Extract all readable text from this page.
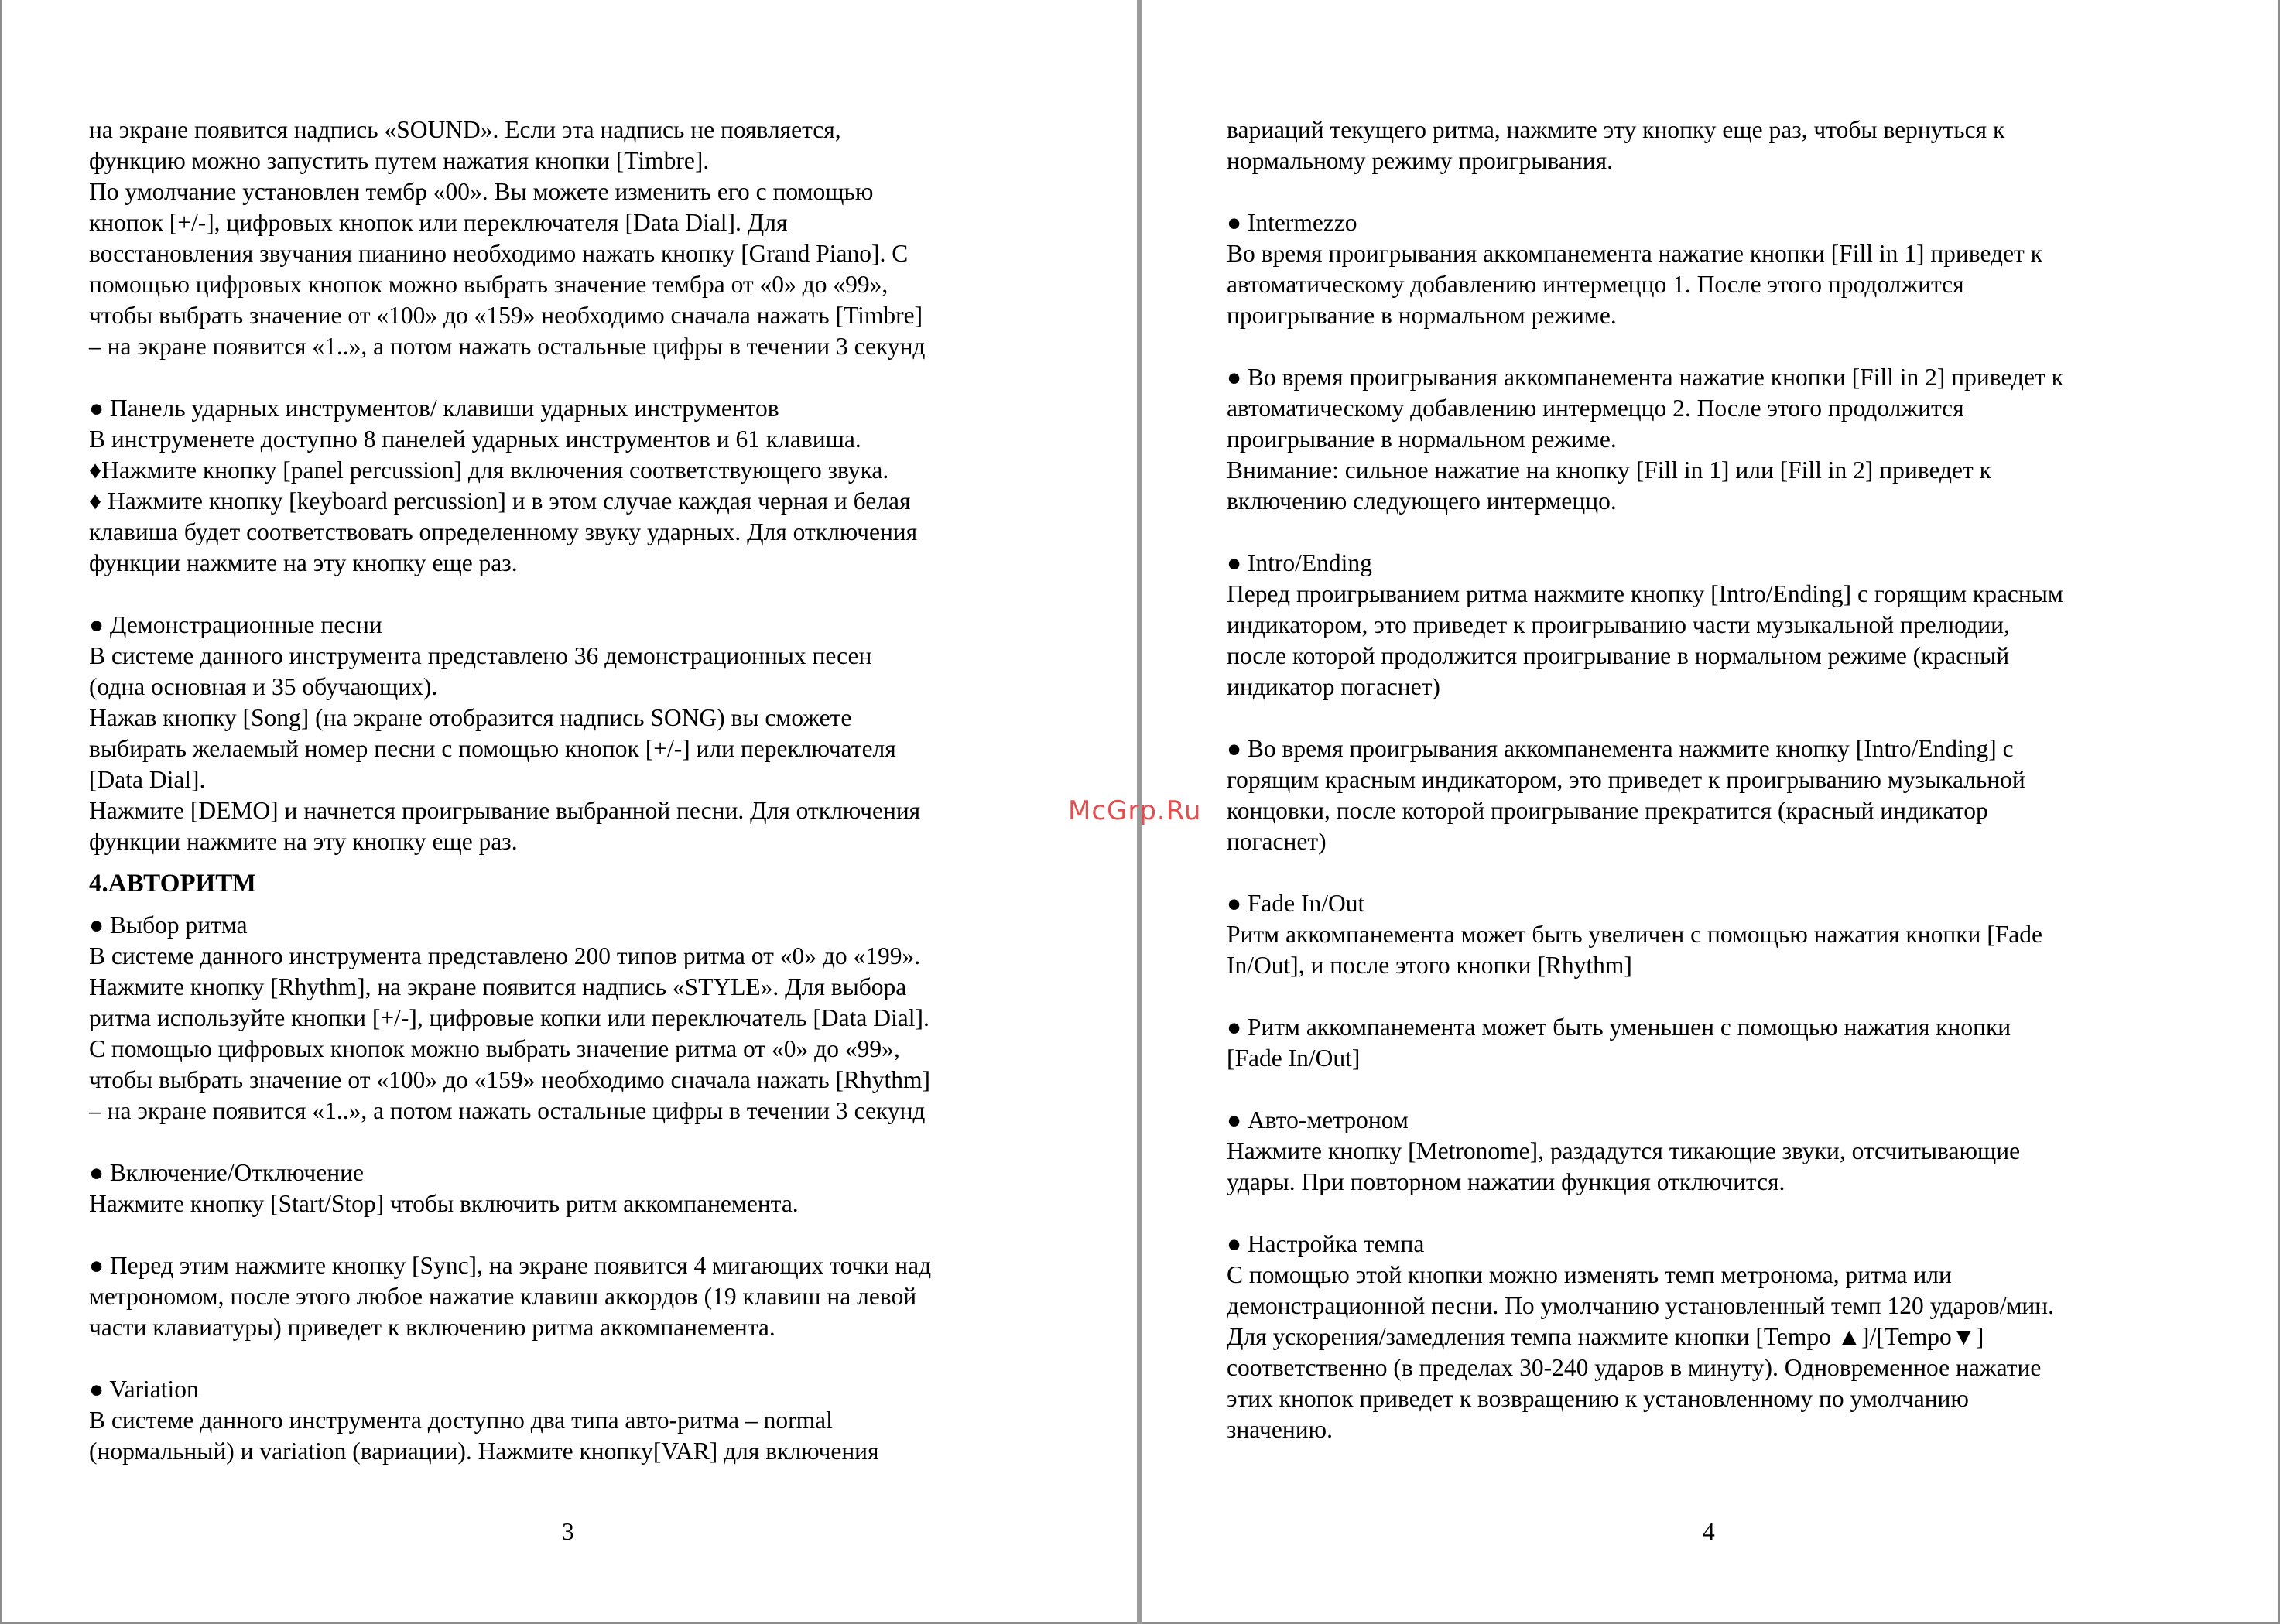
на экране появится надпись «SOUND». Если эта надпись не появляется,
функцию можно запустить путем нажатия кнопки [Timbre].
По умолчание установлен тембр «00». Вы можете изменить его с помощью
кнопок [+/-], цифровых кнопок или переключателя [Data Dial]. Для
восстановления звучания пианино необходимо нажать кнопку [Grand Piano]. С
помощью цифровых кнопок можно выбрать значение тембра от «0» до «99»,
чтобы выбрать значение от «100» до «159» необходимо сначала нажать [Timbre]
– на экране появится «1..», а потом нажать остальные цифры в течении 3 секунд
● Панель ударных инструментов/ клавиши ударных инструментов
В инструменете доступно 8 панелей ударных инструментов и 61 клавиша.
♦Нажмите кнопку [panel percussion] для включения соответствующего звука.
♦ Нажмите кнопку [keyboard percussion] и в этом случае каждая черная и белая
клавиша будет соответствовать определенному звуку ударных. Для отключения
функции нажмите на эту кнопку еще раз.
● Демонстрационные песни
В системе данного инструмента представлено 36 демонстрационных песен
(одна основная и 35 обучающих).
Нажав кнопку [Song] (на экране отобразится надпись SONG) вы сможете
выбирать желаемый номер песни с помощью кнопок [+/-] или переключателя
[Data Dial].
Нажмите [DEMO] и начнется проигрывание выбранной песни. Для отключения
функции нажмите на эту кнопку еще раз.
4.АВТОРИТМ
● Выбор ритма
В системе данного инструмента представлено 200 типов ритма от «0» до «199».
Нажмите кнопку [Rhythm], на экране появится надпись «STYLE». Для выбора
ритма используйте кнопки [+/-], цифровые копки или переключатель [Data Dial].
С помощью цифровых кнопок можно выбрать значение ритма от «0» до «99»,
чтобы выбрать значение от «100» до «159» необходимо сначала нажать [Rhythm]
– на экране появится «1..», а потом нажать остальные цифры в течении 3 секунд
● Включение/Отключение
Нажмите кнопку [Start/Stop] чтобы включить ритм аккомпанемента.
● Перед этим нажмите кнопку [Sync], на экране появится 4 мигающих точки над
метрономом, после этого любое нажатие клавиш аккордов (19 клавиш на левой
части клавиатуры) приведет к включению ритма аккомпанемента.
● Variation
В системе данного инструмента доступно два типа авто-ритма – normal
(нормальный) и variation (вариации). Нажмите кнопку[VAR] для включения
вариаций текущего ритма, нажмите эту кнопку еще раз, чтобы вернуться к
нормальному режиму проигрывания.
● Intermezzo
Во время проигрывания аккомпанемента нажатие кнопки [Fill in 1] приведет к
автоматическому добавлению интермеццо 1. После этого продолжится
проигрывание в нормальном режиме.
● Во время проигрывания аккомпанемента нажатие кнопки [Fill in 2] приведет к
автоматическому добавлению интермеццо 2. После этого продолжится
проигрывание в нормальном режиме.
Внимание: сильное нажатие на кнопку [Fill in 1] или [Fill in 2] приведет к
включению следующего интермеццо.
● Intro/Ending
Перед проигрыванием ритма нажмите кнопку [Intro/Ending] с горящим красным
индикатором, это приведет к проигрыванию части музыкальной прелюдии,
после которой продолжится проигрывание в нормальном режиме (красный
индикатор погаснет)
● Во время проигрывания аккомпанемента нажмите кнопку [Intro/Ending] с
горящим красным индикатором, это приведет к проигрыванию музыкальной
концовки, после которой проигрывание прекратится (красный индикатор
погаснет)
● Fade In/Out
Ритм аккомпанемента может быть увеличен с помощью нажатия кнопки [Fade
In/Out], и после этого кнопки [Rhythm]
● Ритм аккомпанемента может быть уменьшен с помощью нажатия кнопки
[Fade In/Out]
● Авто-метроном
Нажмите кнопку [Metronome], раздадутся тикающие звуки, отсчитывающие
удары. При повторном нажатии функция отключится.
● Настройка темпа
С помощью этой кнопки можно изменять темп метронома, ритма или
демонстрационной песни. По умолчанию установленный темп 120 ударов/мин.
Для ускорения/замедления темпа нажмите кнопки [Tempo ▲]/[Tempo▼]
соответственно (в пределах 30-240 ударов в минуту). Одновременное нажатие
этих кнопок приведет к возвращению к установленному по умолчанию
значению.
3	4
McGrp.Ru
